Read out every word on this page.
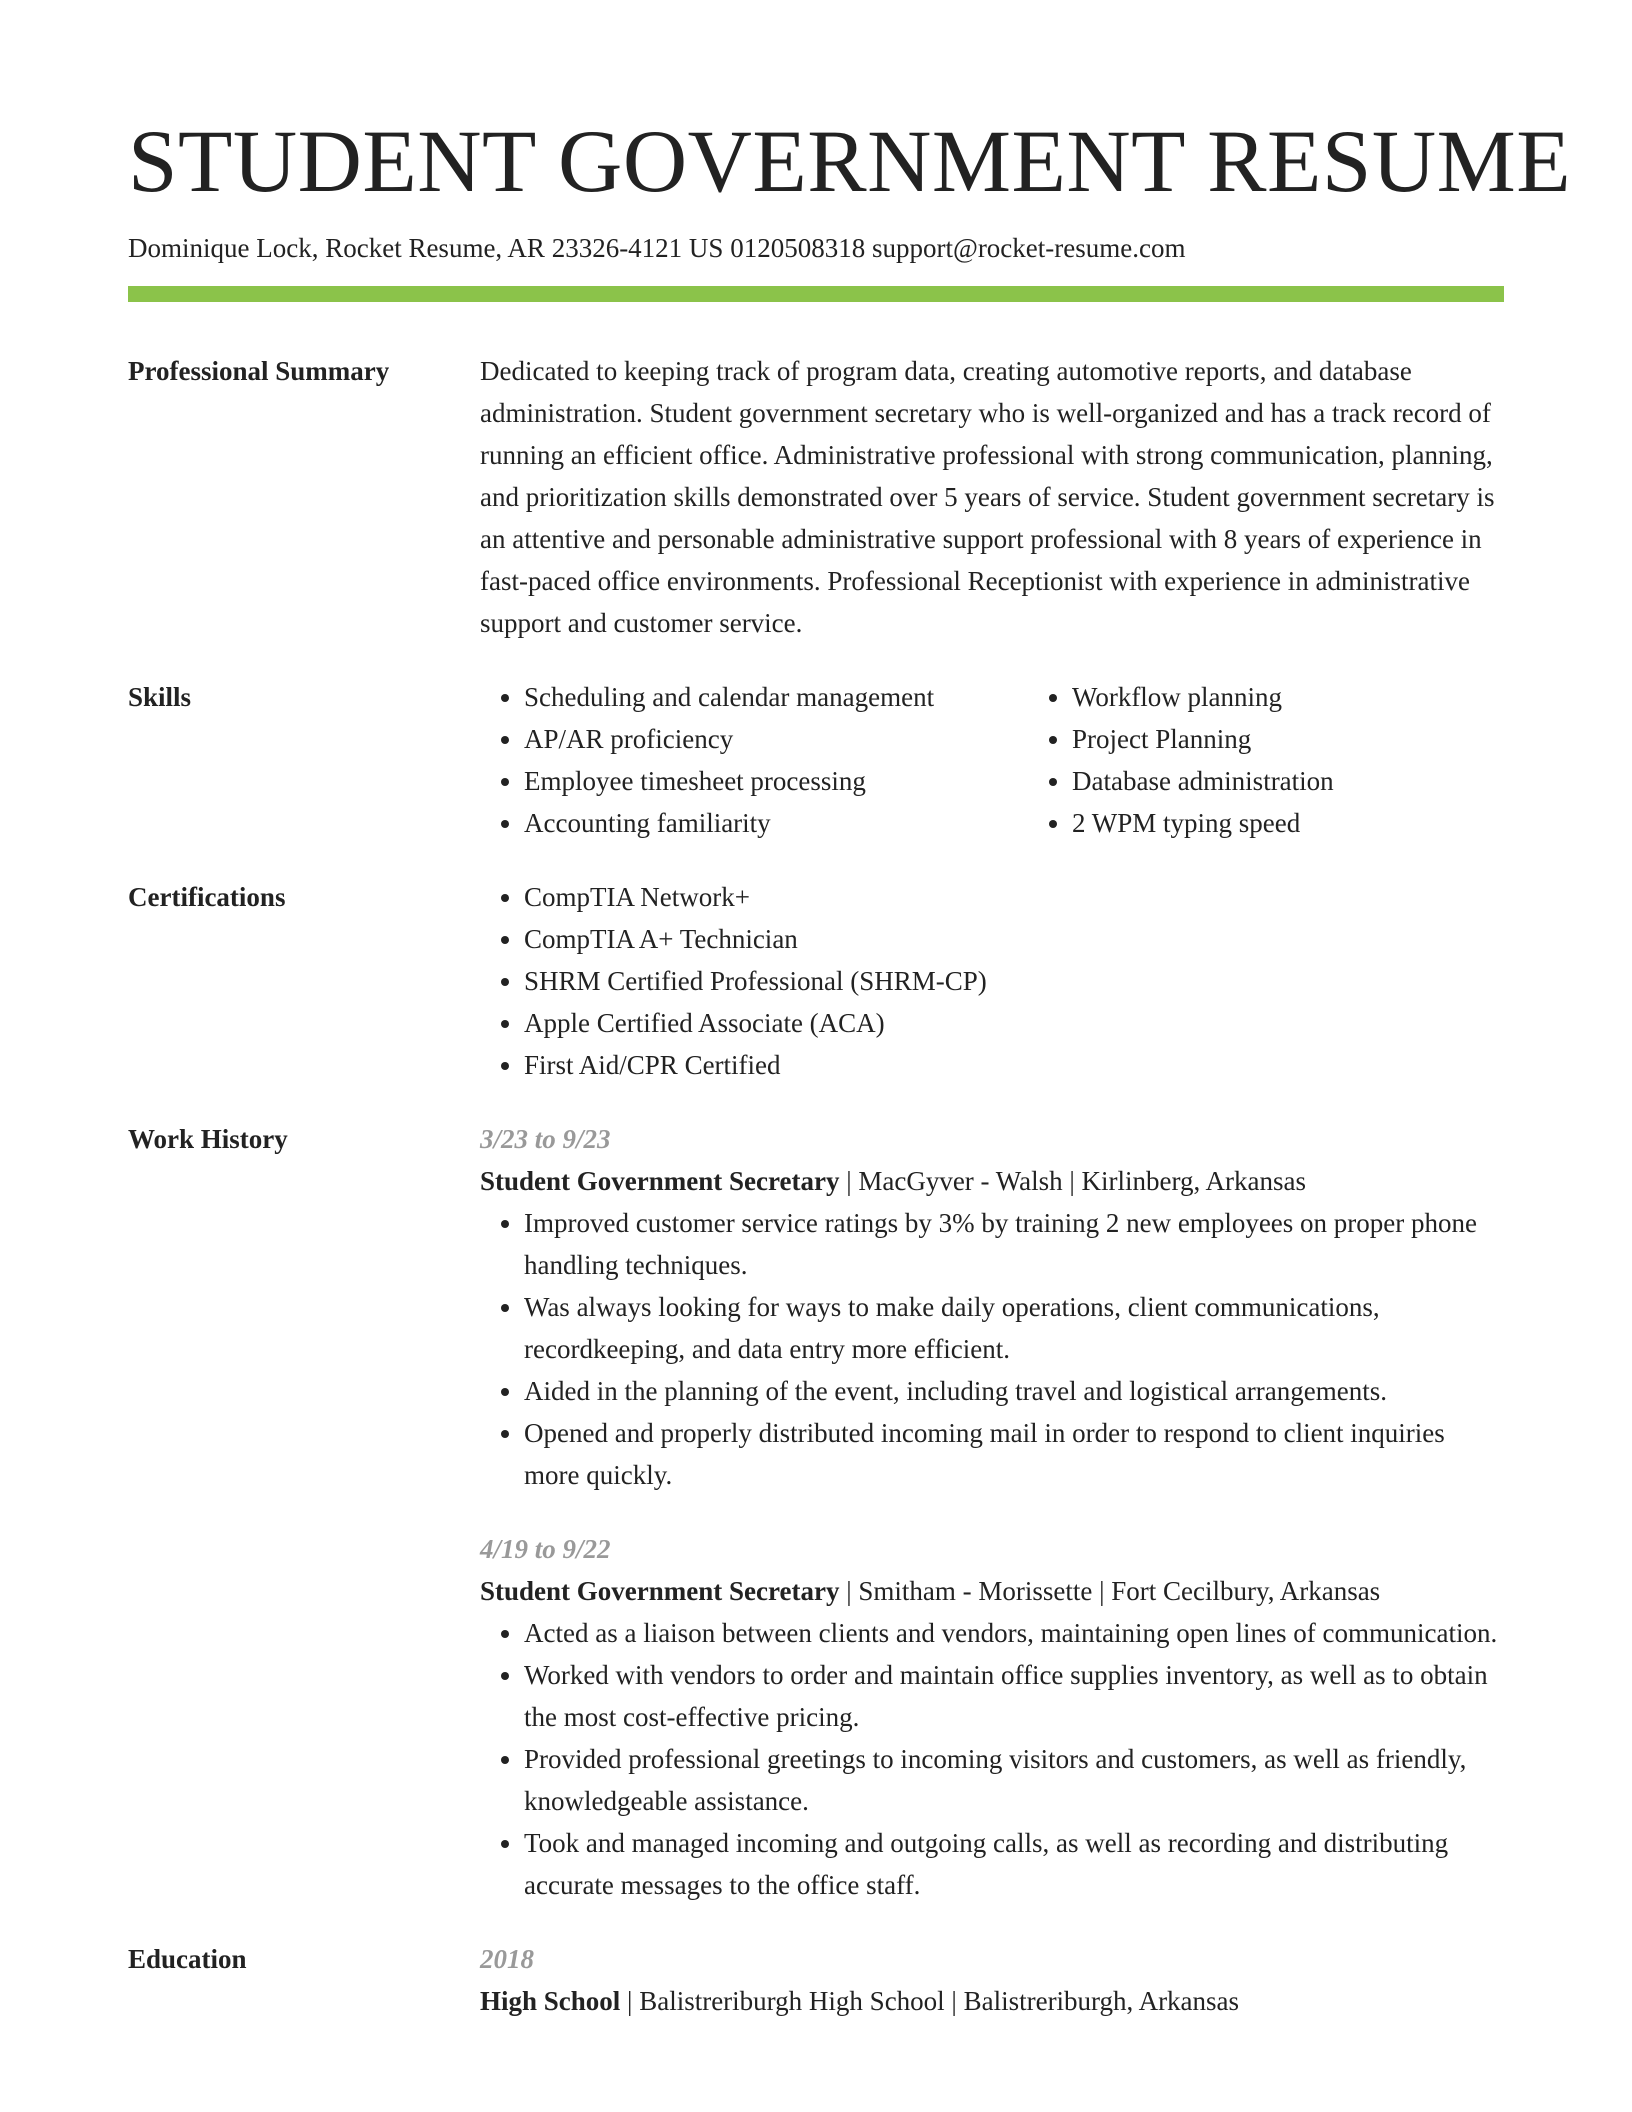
STUDENT GOVERNMENT RESUME

Dominique Lock, Rocket Resume, AR 23326-4121 US 0120508318 support@rocket-resume.com

Professional Summary	Dedicated to keeping track of program data, creating automotive reports, and database administration. Student government secretary who is well-organized and has a track record of running an efficient office. Administrative professional with strong communication, planning, and prioritization skills demonstrated over 5 years of service. Student government secretary is an attentive and personable administrative support professional with 8 years of experience in fast-paced office environments. Professional Receptionist with experience in administrative support and customer service.

Skills	• Scheduling and calendar management
• AP/AR proficiency
• Employee timesheet processing
• Accounting familiarity
• Workflow planning
• Project Planning
• Database administration
• 2 WPM typing speed
Certifications	• CompTIA Network+
• CompTIA A+ Technician
• SHRM Certified Professional (SHRM-CP)
• Apple Certified Associate (ACA)
• First Aid/CPR Certified
Work History	3/23 to 9/23
Student Government Secretary | MacGyver - Walsh | Kirlinberg, Arkansas
• Improved customer service ratings by 3% by training 2 new employees on proper phone handling techniques.
• Was always looking for ways to make daily operations, client communications, recordkeeping, and data entry more efficient.
• Aided in the planning of the event, including travel and logistical arrangements.
• Opened and properly distributed incoming mail in order to respond to client inquiries more quickly.
4/19 to 9/22
Student Government Secretary | Smitham - Morissette | Fort Cecilbury, Arkansas
• Acted as a liaison between clients and vendors, maintaining open lines of communication.
• Worked with vendors to order and maintain office supplies inventory, as well as to obtain the most cost-effective pricing.
• Provided professional greetings to incoming visitors and customers, as well as friendly, knowledgeable assistance.
• Took and managed incoming and outgoing calls, as well as recording and distributing accurate messages to the office staff.
Education	2018
High School | Balistreriburgh High School | Balistreriburgh, Arkansas
